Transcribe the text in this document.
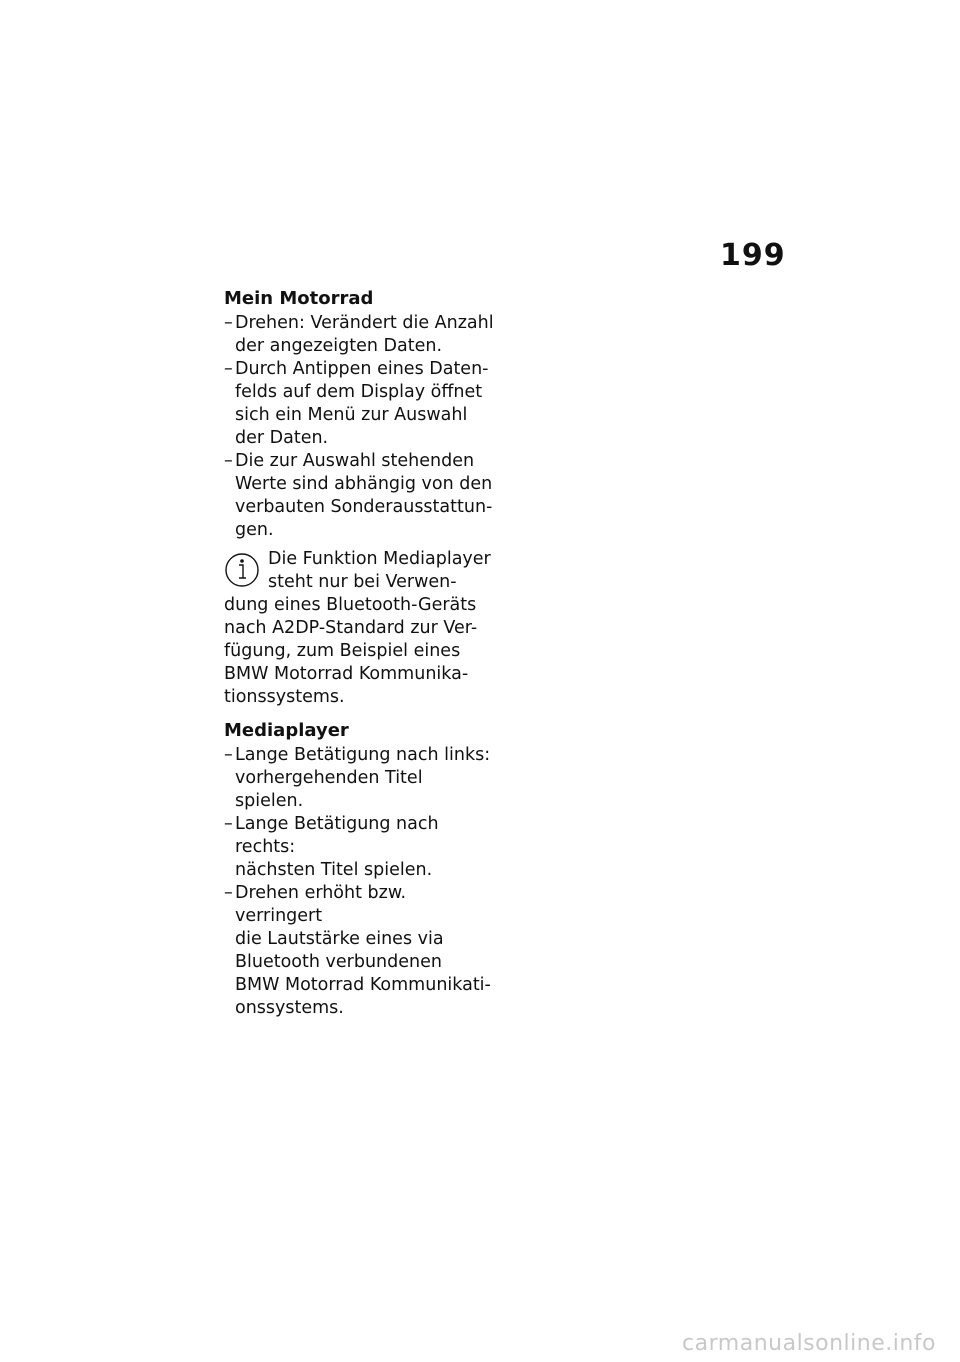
199
Mein Motorrad
– Drehen: Verändert die Anzahl
der angezeigten Daten.
– Durch Antippen eines Daten-
felds auf dem Display öffnet
sich ein Menü zur Auswahl
der Daten.
– Die zur Auswahl stehenden
Werte sind abhängig von den
verbauten Sonderausstattun-
gen.
Die Funktion Mediaplayer
steht nur bei Verwen-
dung eines Bluetooth-Geräts
nach A2DP-Standard zur Ver-
fügung, zum Beispiel eines
BMW Motorrad Kommunika-
tionssystems.
Mediaplayer
– Lange Betätigung nach links:
vorhergehenden Titel spielen.
– Lange Betätigung nach rechts:
nächsten Titel spielen.
– Drehen erhöht bzw. verringert
die Lautstärke eines via
Bluetooth verbundenen
BMW Motorrad Kommunikati-
onssystems.
carmanualsonline.info
